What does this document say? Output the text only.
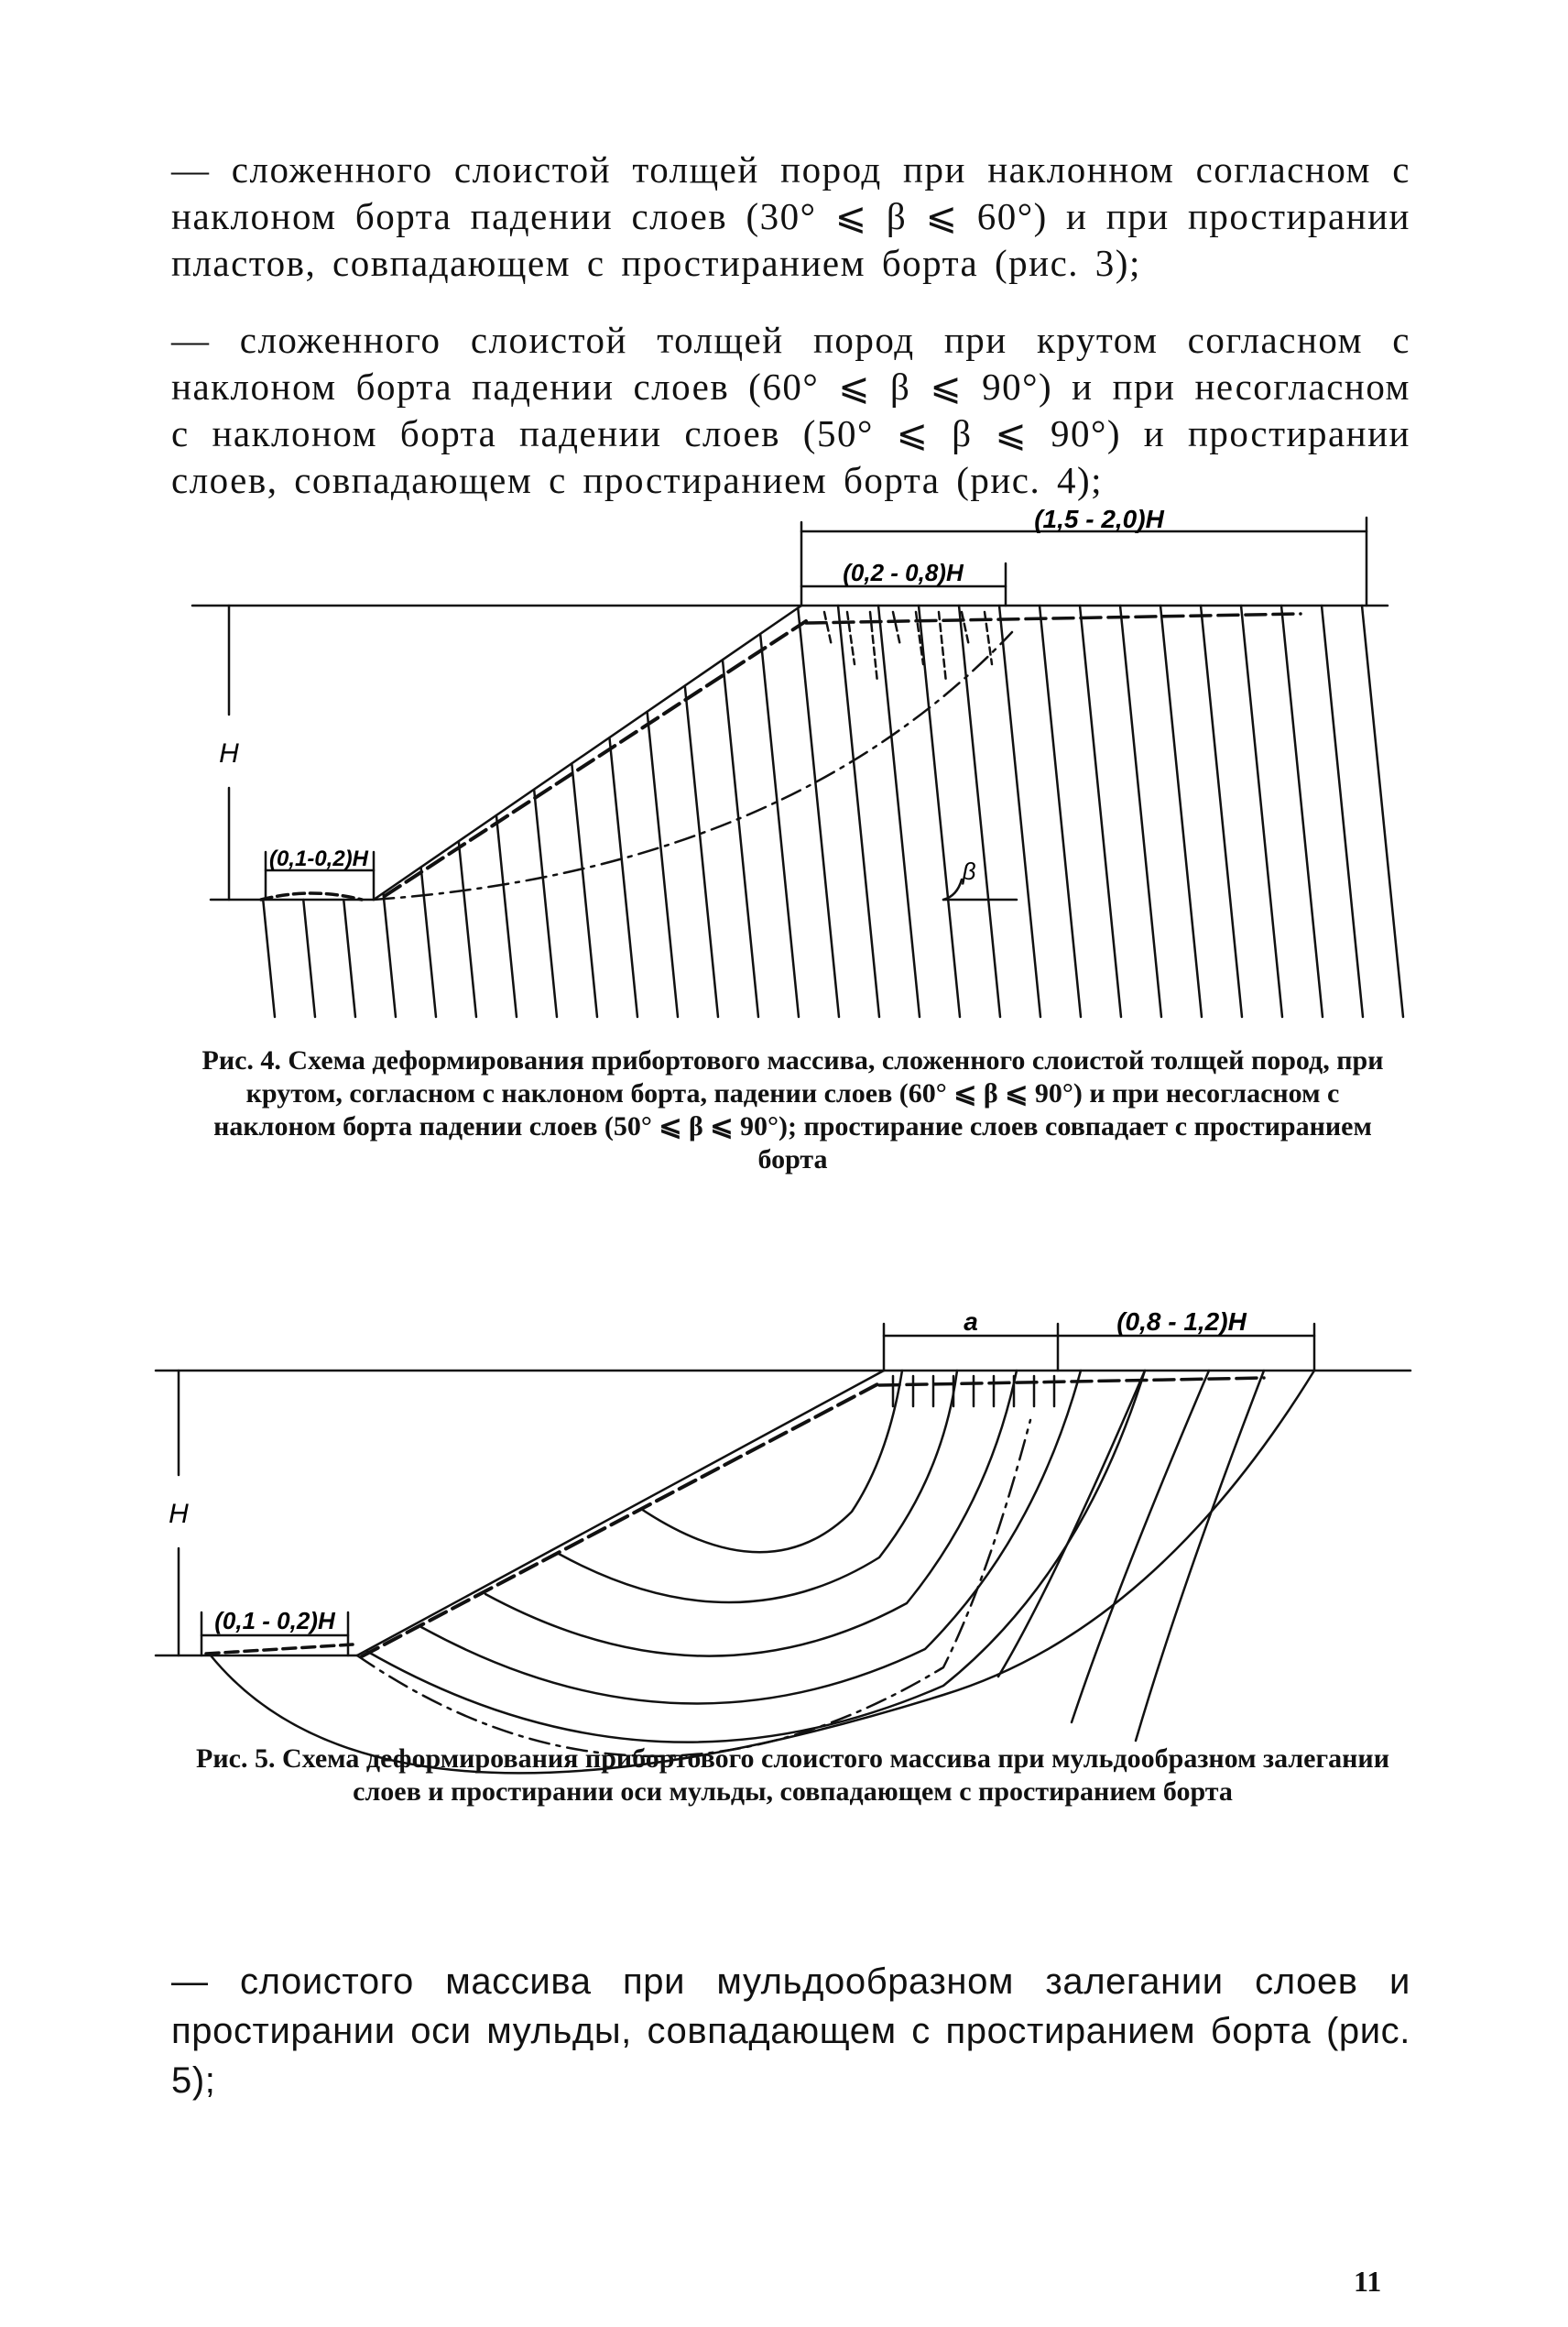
— сложенного слоистой толщей пород при наклонном согласном с наклоном борта падении слоев (30° ⩽ β ⩽ 60°) и при простирании пластов, совпадающем с простиранием борта (рис. 3);
— сложенного слоистой толщей пород при крутом согласном с наклоном борта падении слоев (60° ⩽ β ⩽ 90°) и при несогласном с наклоном борта падении слоев (50° ⩽ β ⩽ 90°) и простирании слоев, совпадающем с простиранием борта (рис. 4);
(1,5 - 2,0)H
(0,2 - 0,8)H
(0,1-0,2)H
H
β
Рис. 4. Схема деформирования прибортового массива, сложенного слоистой толщей пород, при крутом, согласном с наклоном борта, падении слоев (60° ⩽ β ⩽ 90°) и при несогласном с наклоном борта падении слоев (50° ⩽ β ⩽ 90°); простирание слоев совпадает с простиранием борта
a	(0,8 - 1,2)H
(0,1 - 0,2)H
H
Рис. 5. Схема деформирования прибортового слоистого массива при мульдообразном залегании слоев и простирании оси мульды, совпадающем с простиранием борта
— слоистого массива при мульдообразном залегании слоев и простирании оси мульды, совпадающем с простиранием борта (рис. 5);
11
